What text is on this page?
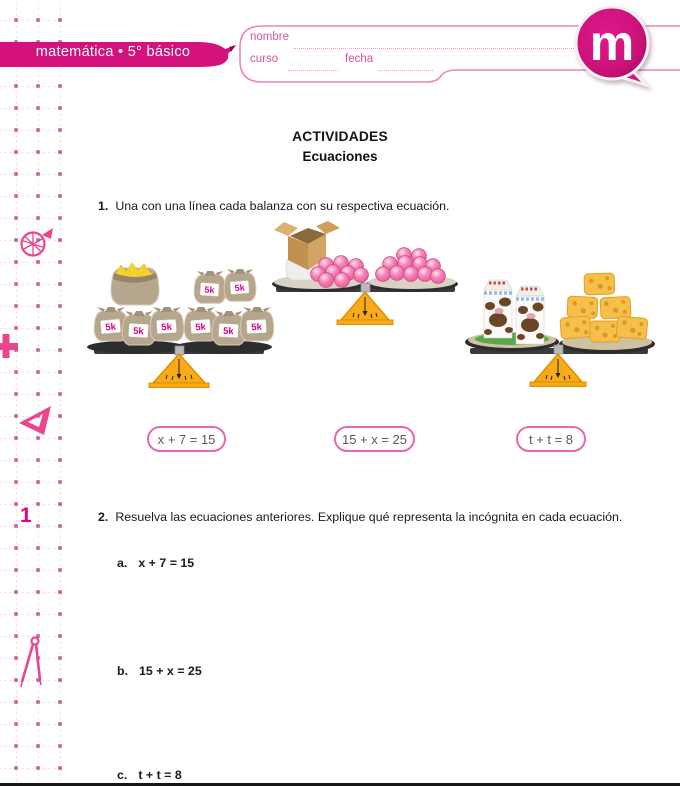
1
matemática • 5° básico
nombre
curso	fecha	m
ACTIVIDADES
Ecuaciones
1. Una con una línea cada balanza con su respectiva ecuación.
5k 5k 5k
5k 5k
5k 5k 5k
x + 7 = 15	15 + x = 25	t + t = 8
2. Resuelva las ecuaciones anteriores. Explique qué representa la incógnita en cada ecuación.
a. x + 7 = 15
b. 15 + x = 25
c. t + t = 8
